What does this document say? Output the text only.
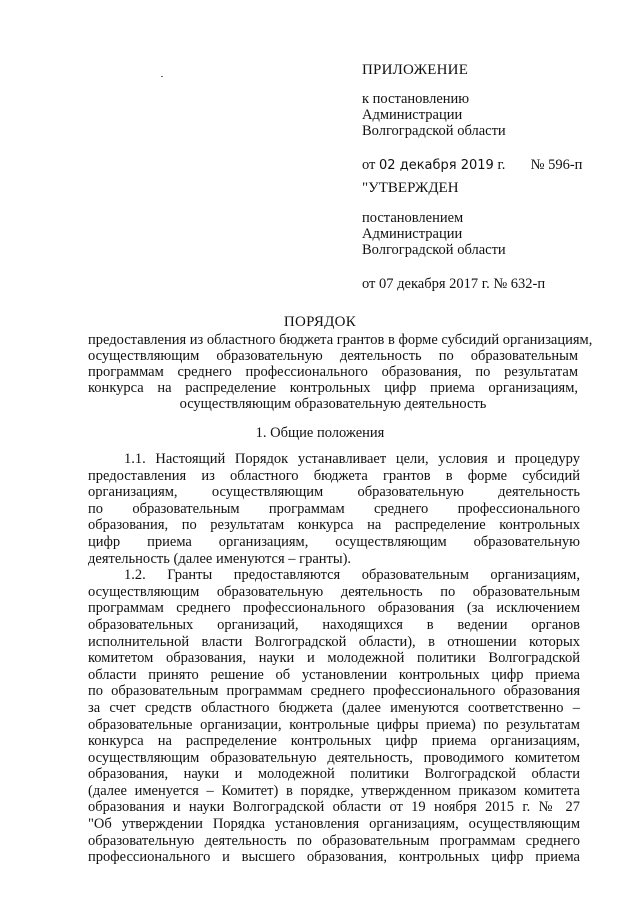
ПРИЛОЖЕНИЕ
к постановлению
Администрации
Волгоградской области
от 02 декабря 2019 г. № 596-п
"УТВЕРЖДЕН
постановлением
Администрации
Волгоградской области
от 07 декабря 2017 г. № 632-п
ПОРЯДОК
предоставления из областного бюджета грантов в форме субсидий организациям,
осуществляющим образовательную деятельность по образовательным
программам среднего профессионального образования, по результатам
конкурса на распределение контрольных цифр приема организациям,
осуществляющим образовательную деятельность
1. Общие положения
1.1. Настоящий Порядок устанавливает цели, условия и процедуру
предоставления из областного бюджета грантов в форме субсидий
организациям, осуществляющим образовательную деятельность
по образовательным программам среднего профессионального
образования, по результатам конкурса на распределение контрольных
цифр приема организациям, осуществляющим образовательную
деятельность (далее именуются – гранты).
1.2. Гранты предоставляются образовательным организациям,
осуществляющим образовательную деятельность по образовательным
программам среднего профессионального образования (за исключением
образовательных организаций, находящихся в ведении органов
исполнительной власти Волгоградской области), в отношении которых
комитетом образования, науки и молодежной политики Волгоградской
области принято решение об установлении контрольных цифр приема
по образовательным программам среднего профессионального образования
за счет средств областного бюджета (далее именуются соответственно –
образовательные организации, контрольные цифры приема) по результатам
конкурса на распределение контрольных цифр приема организациям,
осуществляющим образовательную деятельность, проводимого комитетом
образования, науки и молодежной политики Волгоградской области
(далее именуется – Комитет) в порядке, утвержденном приказом комитета
образования и науки Волгоградской области от 19 ноября 2015 г. № 27
"Об утверждении Порядка установления организациям, осуществляющим
образовательную деятельность по образовательным программам среднего
профессионального и высшего образования, контрольных цифр приема
